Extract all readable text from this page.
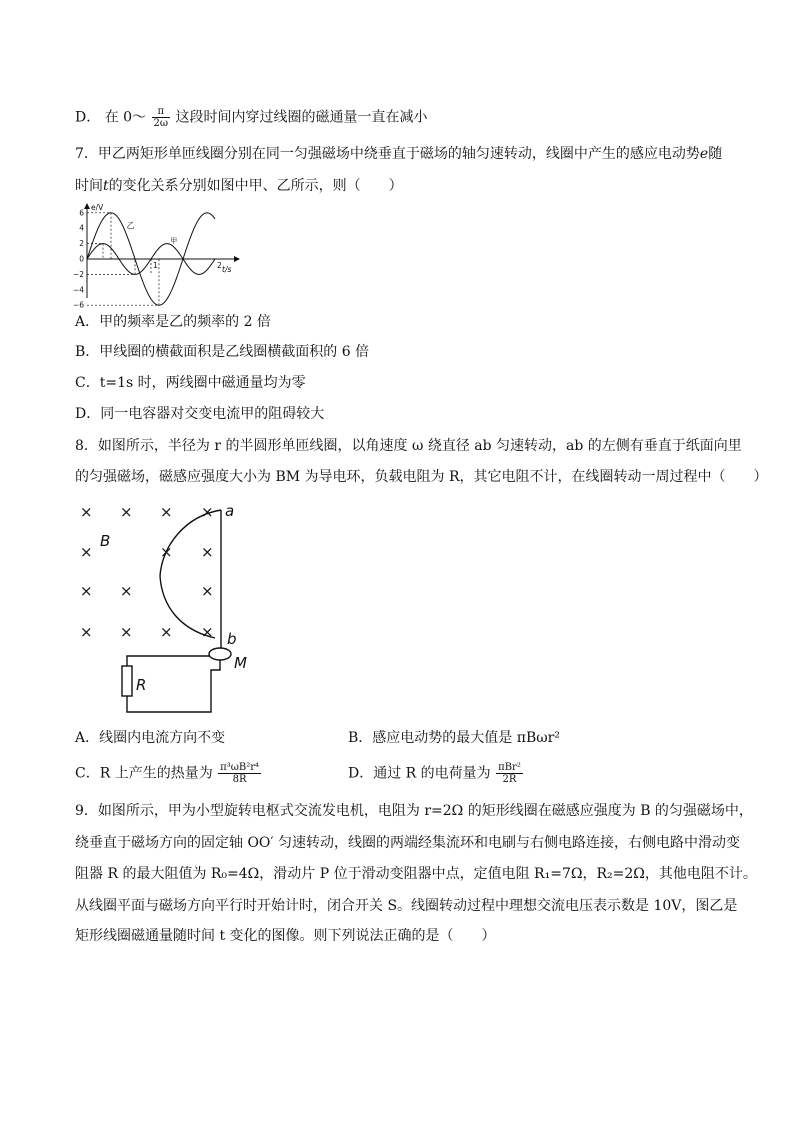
D． 在 0～ $\frac{\pi}{2\omega}$ 这段时间内穿过线圈的磁通量一直在减小
7．甲乙两矩形单匝线圈分别在同一匀强磁场中绕垂直于磁场的轴匀速转动，线圈中产生的感应电动势e随
时间t的变化关系分别如图中甲、乙所示，则（　　）
e/V
t/s
6
4
2
0
−2
−4
−6
1	2
乙
甲
A．甲的频率是乙的频率的 2 倍
B．甲线圈的横截面积是乙线圈横截面积的 6 倍
C．t=1s 时，两线圈中磁通量均为零
D．同一电容器对交变电流甲的阻碍较大
8．如图所示，半径为 r 的半圆形单匝线圈，以角速度 ω 绕直径 ab 匀速转动，ab 的左侧有垂直于纸面向里
的匀强磁场，磁感应强度大小为 BM 为导电环，负载电阻为 R，其它电阻不计，在线圈转动一周过程中（　　）
× × × ×
×	× ×
× ×	×
× × × ×
B
a
b
M
R
A．线圈内电流方向不变	B．感应电动势的最大值是 πBωr²
C．R 上产生的热量为 $\frac{\text{π³ωB²r⁴}}{8R}$	D．通过 R 的电荷量为 $\frac{\text{πBr²}}{2R}$
9．如图所示，甲为小型旋转电枢式交流发电机，电阻为 r=2Ω 的矩形线圈在磁感应强度为 B 的匀强磁场中，
绕垂直于磁场方向的固定轴 OO′ 匀速转动，线圈的两端经集流环和电刷与右侧电路连接，右侧电路中滑动变
阻器 R 的最大阻值为 R₀=4Ω，滑动片 P 位于滑动变阻器中点，定值电阻 R₁=7Ω，R₂=2Ω，其他电阻不计。
从线圈平面与磁场方向平行时开始计时，闭合开关 S。线圈转动过程中理想交流电压表示数是 10V，图乙是
矩形线圈磁通量随时间 t 变化的图像。则下列说法正确的是（　　）
